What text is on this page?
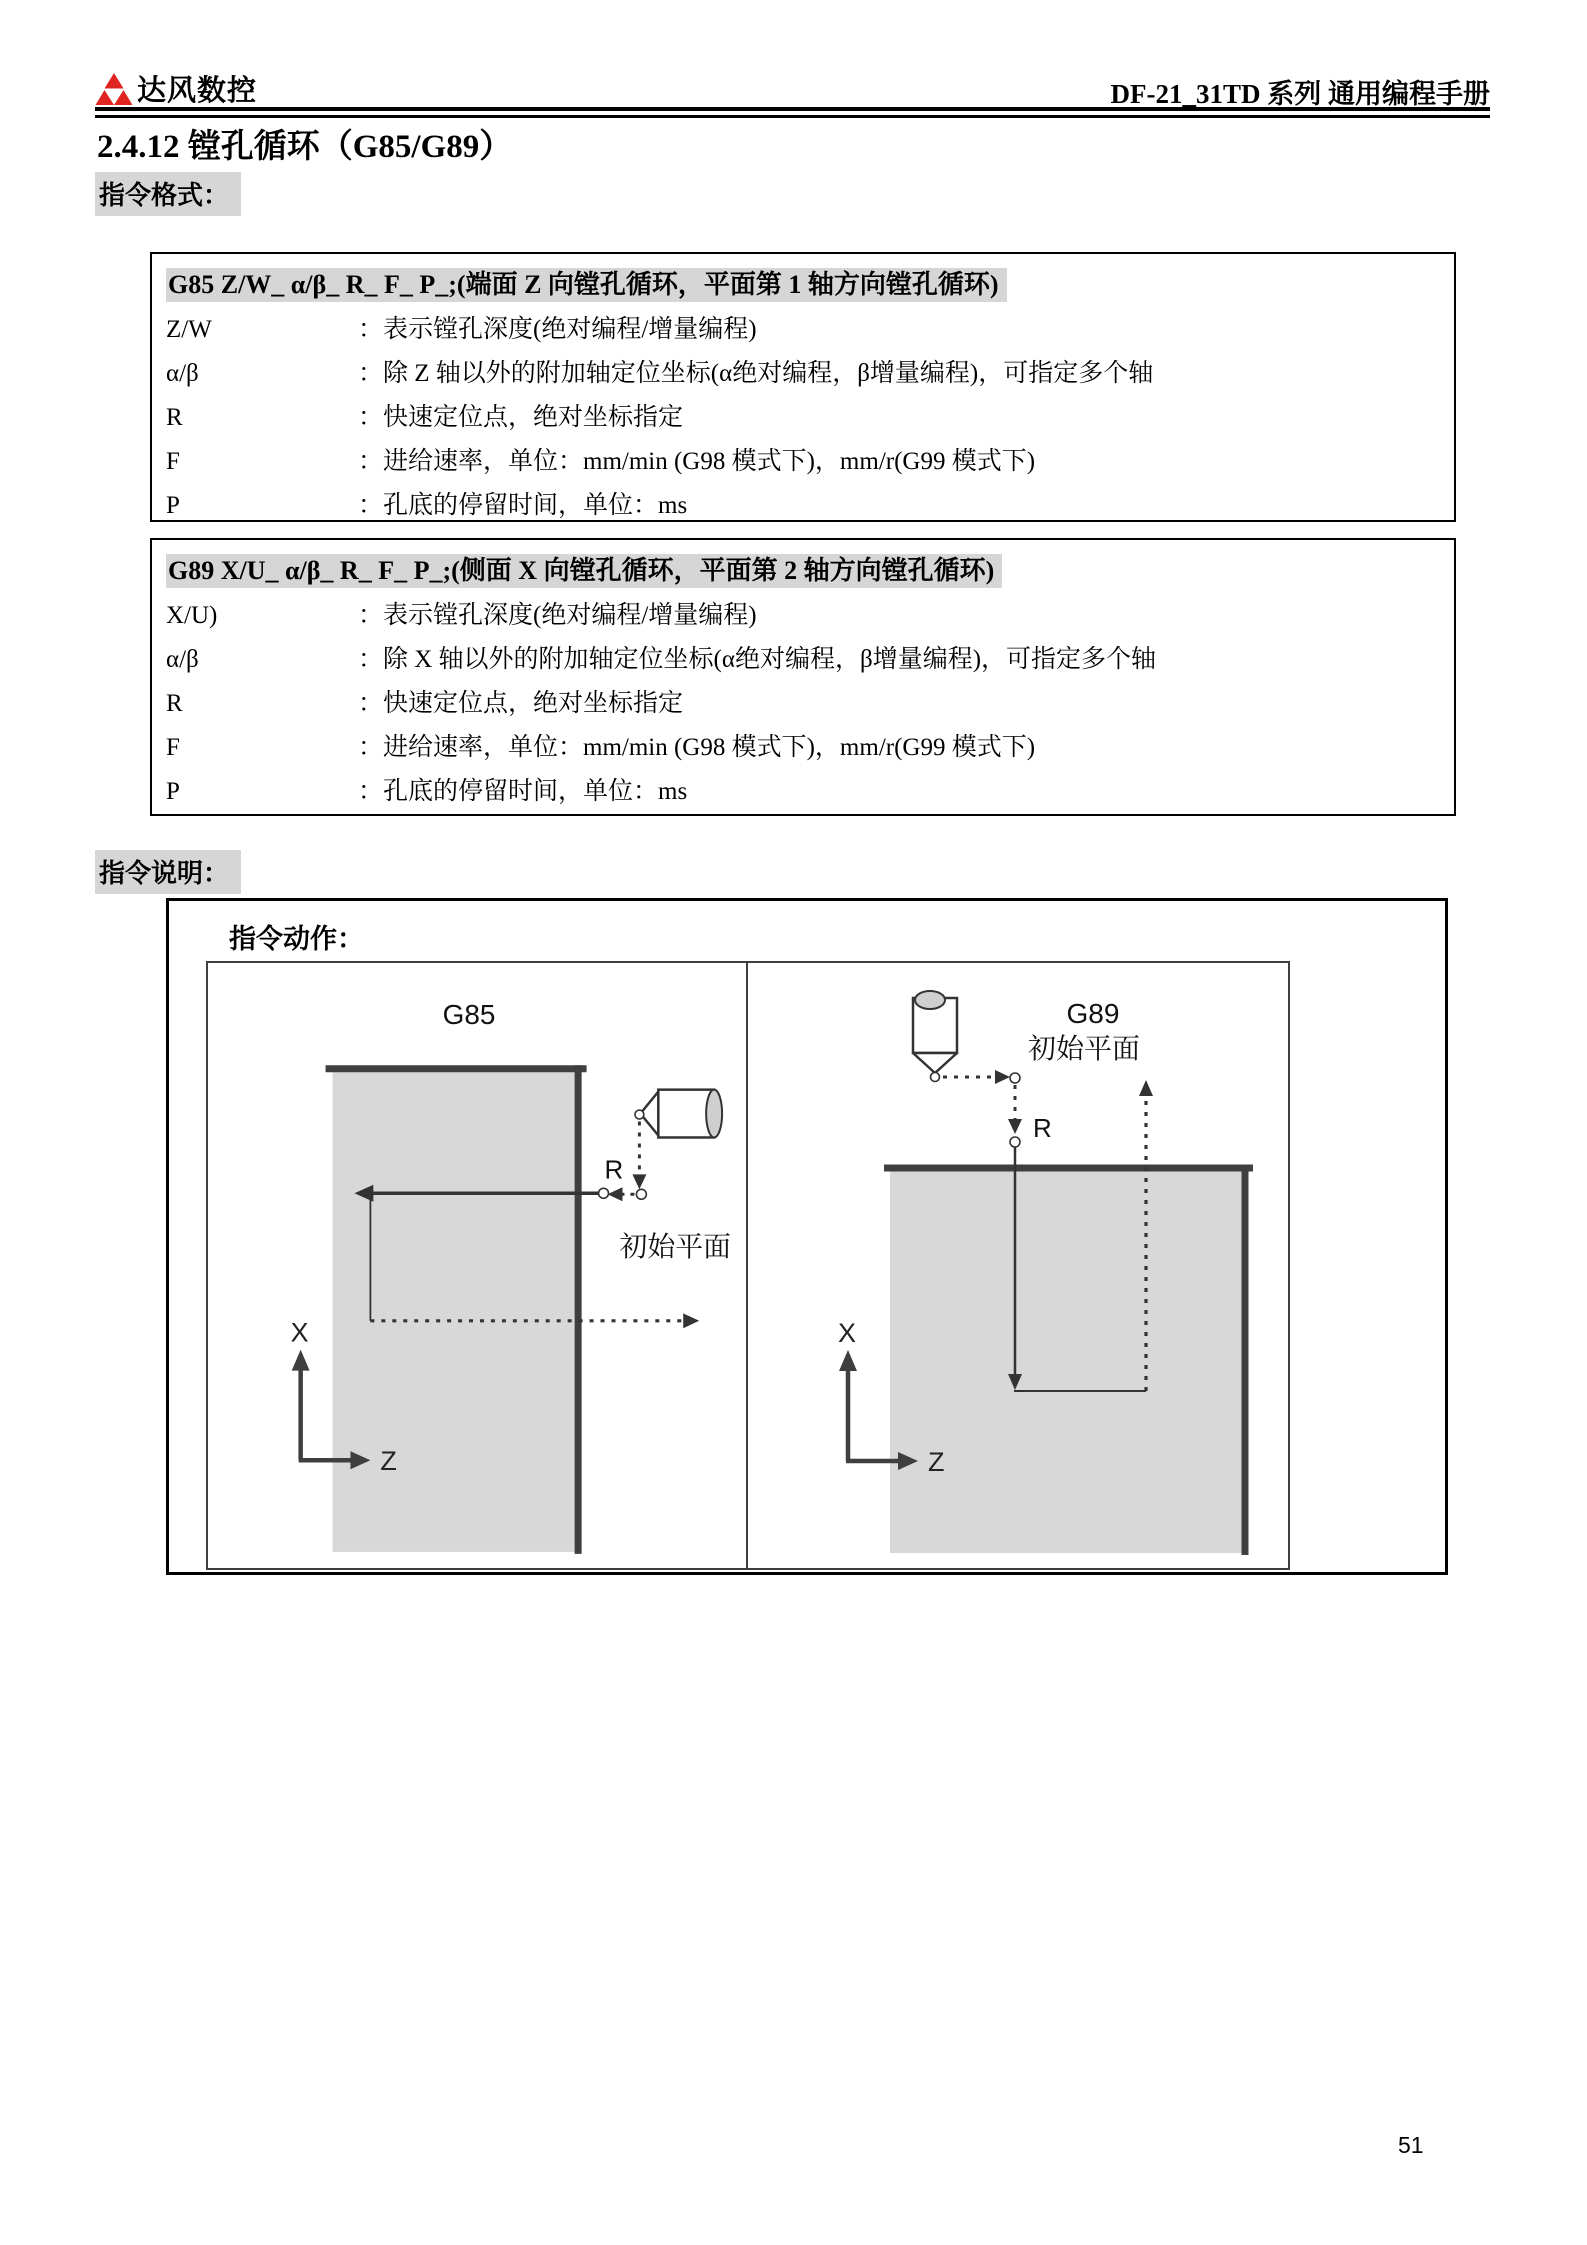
达风数控	DF-21_31TD 系列 通用编程手册
2.4.12 镗孔循环（G85/G89）
指令格式：
G85 Z/W_ α/β_ R_ F_ P_;(端面 Z 向镗孔循环，平面第 1 轴方向镗孔循环)
Z/W	：表示镗孔深度(绝对编程/增量编程)
α/β	：除 Z 轴以外的附加轴定位坐标(α绝对编程，β增量编程)，可指定多个轴
R	：快速定位点，绝对坐标指定
F	：进给速率，单位：mm/min (G98 模式下)，mm/r(G99 模式下)
P	：孔底的停留时间，单位：ms
G89 X/U_ α/β_ R_ F_ P_;(侧面 X 向镗孔循环，平面第 2 轴方向镗孔循环)
X/U)	：表示镗孔深度(绝对编程/增量编程)
α/β	：除 X 轴以外的附加轴定位坐标(α绝对编程，β增量编程)，可指定多个轴
R	：快速定位点，绝对坐标指定
F	：进给速率，单位：mm/min (G98 模式下)，mm/r(G99 模式下)
P	：孔底的停留时间，单位：ms
指令说明：
指令动作：
G85
R
初始平面
X
Z
G89
初始平面
R
X
Z
51
